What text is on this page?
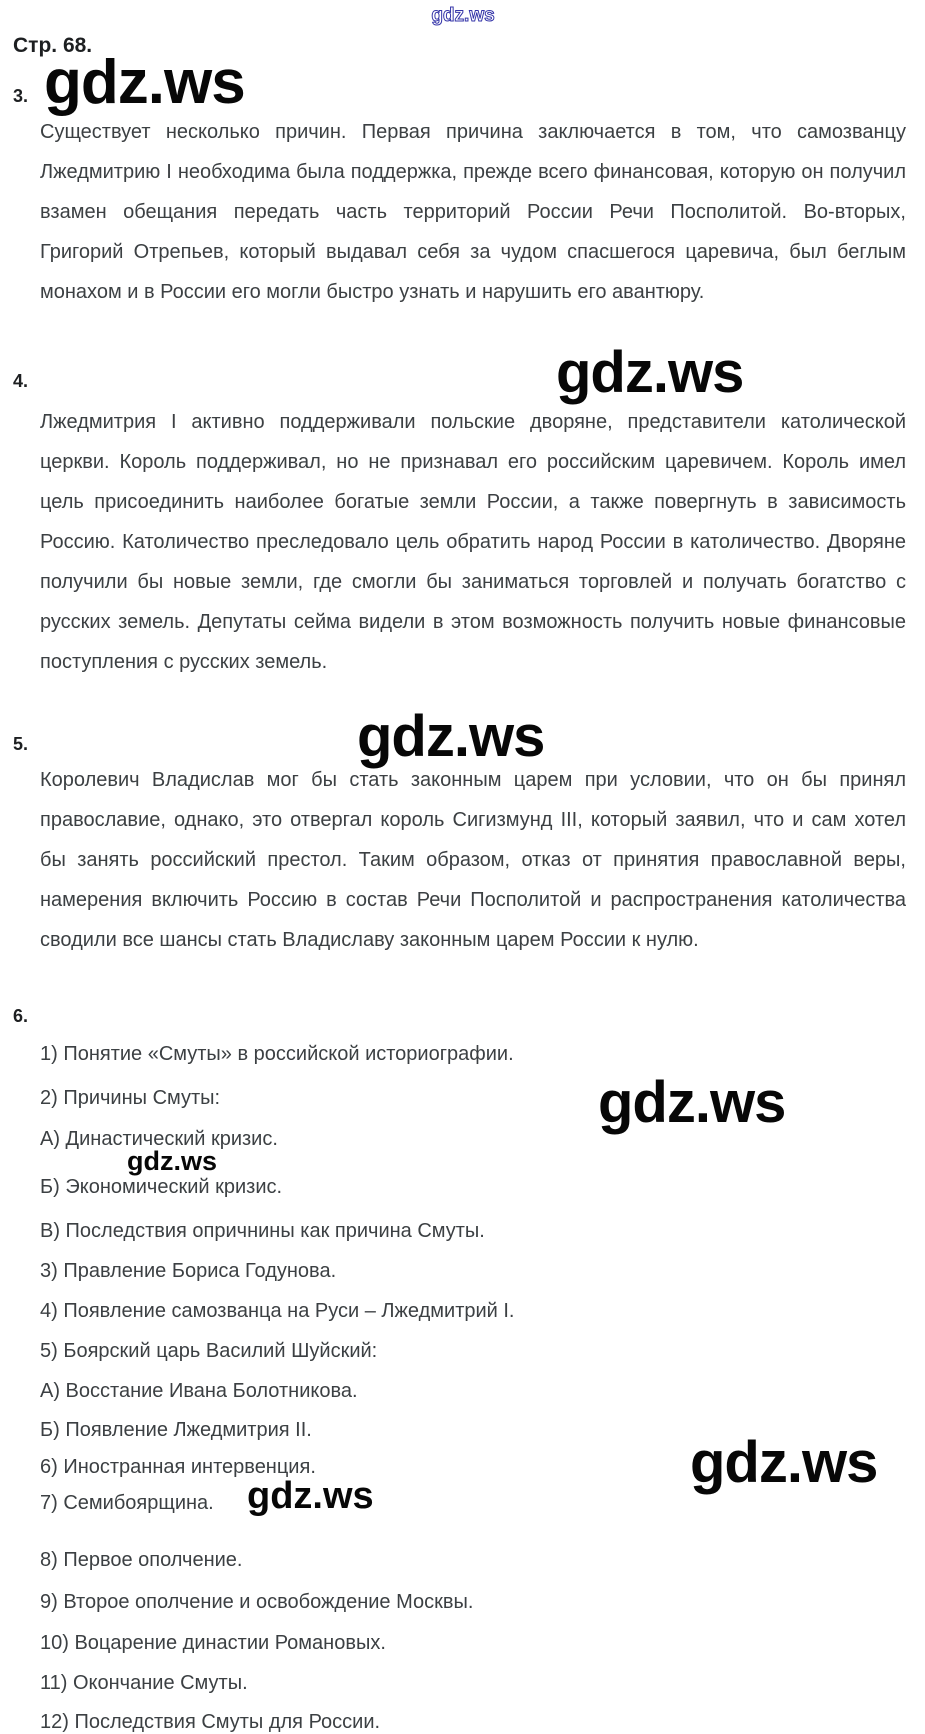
gdz.ws
Стр. 68.
3. gdz.ws
Существует несколько причин. Первая причина заключается в том, что самозванцу Лжедмитрию I необходима была поддержка, прежде всего финансовая, которую он получил взамен обещания передать часть территорий России Речи Посполитой. Во-вторых, Григорий Отрепьев, который выдавал себя за чудом спасшегося царевича, был беглым монахом и в России его могли быстро узнать и нарушить его авантюру.
4.	gdz.ws
Лжедмитрия I активно поддерживали польские дворяне, представители католической церкви. Король поддерживал, но не признавал его российским царевичем. Король имел цель присоединить наиболее богатые земли России, а также повергнуть в зависимость Россию. Католичество преследовало цель обратить народ России в католичество. Дворяне получили бы новые земли, где смогли бы заниматься торговлей и получать богатство с русских земель. Депутаты сейма видели в этом возможность получить новые финансовые поступления с русских земель.
5.	gdz.ws
Королевич Владислав мог бы стать законным царем при условии, что он бы принял православие, однако, это отвергал король Сигизмунд III, который заявил, что и сам хотел бы занять российский престол. Таким образом, отказ от принятия православной веры, намерения включить Россию в состав Речи Посполитой и распространения католичества сводили все шансы стать Владиславу законным царем России к нулю.
6.
gdz.ws
gdz.ws
gdz.ws
gdz.ws
1) Понятие «Смуты» в российской историографии.
2) Причины Смуты:
А) Династический кризис.
Б) Экономический кризис.
В) Последствия опричнины как причина Смуты.
3) Правление Бориса Годунова.
4) Появление самозванца на Руси – Лжедмитрий I.
5) Боярский царь Василий Шуйский:
А) Восстание Ивана Болотникова.
Б) Появление Лжедмитрия II.
6) Иностранная интервенция.
7) Семибоярщина.
8) Первое ополчение.
9) Второе ополчение и освобождение Москвы.
10) Воцарение династии Романовых.
11) Окончание Смуты.
12) Последствия Смуты для России.
